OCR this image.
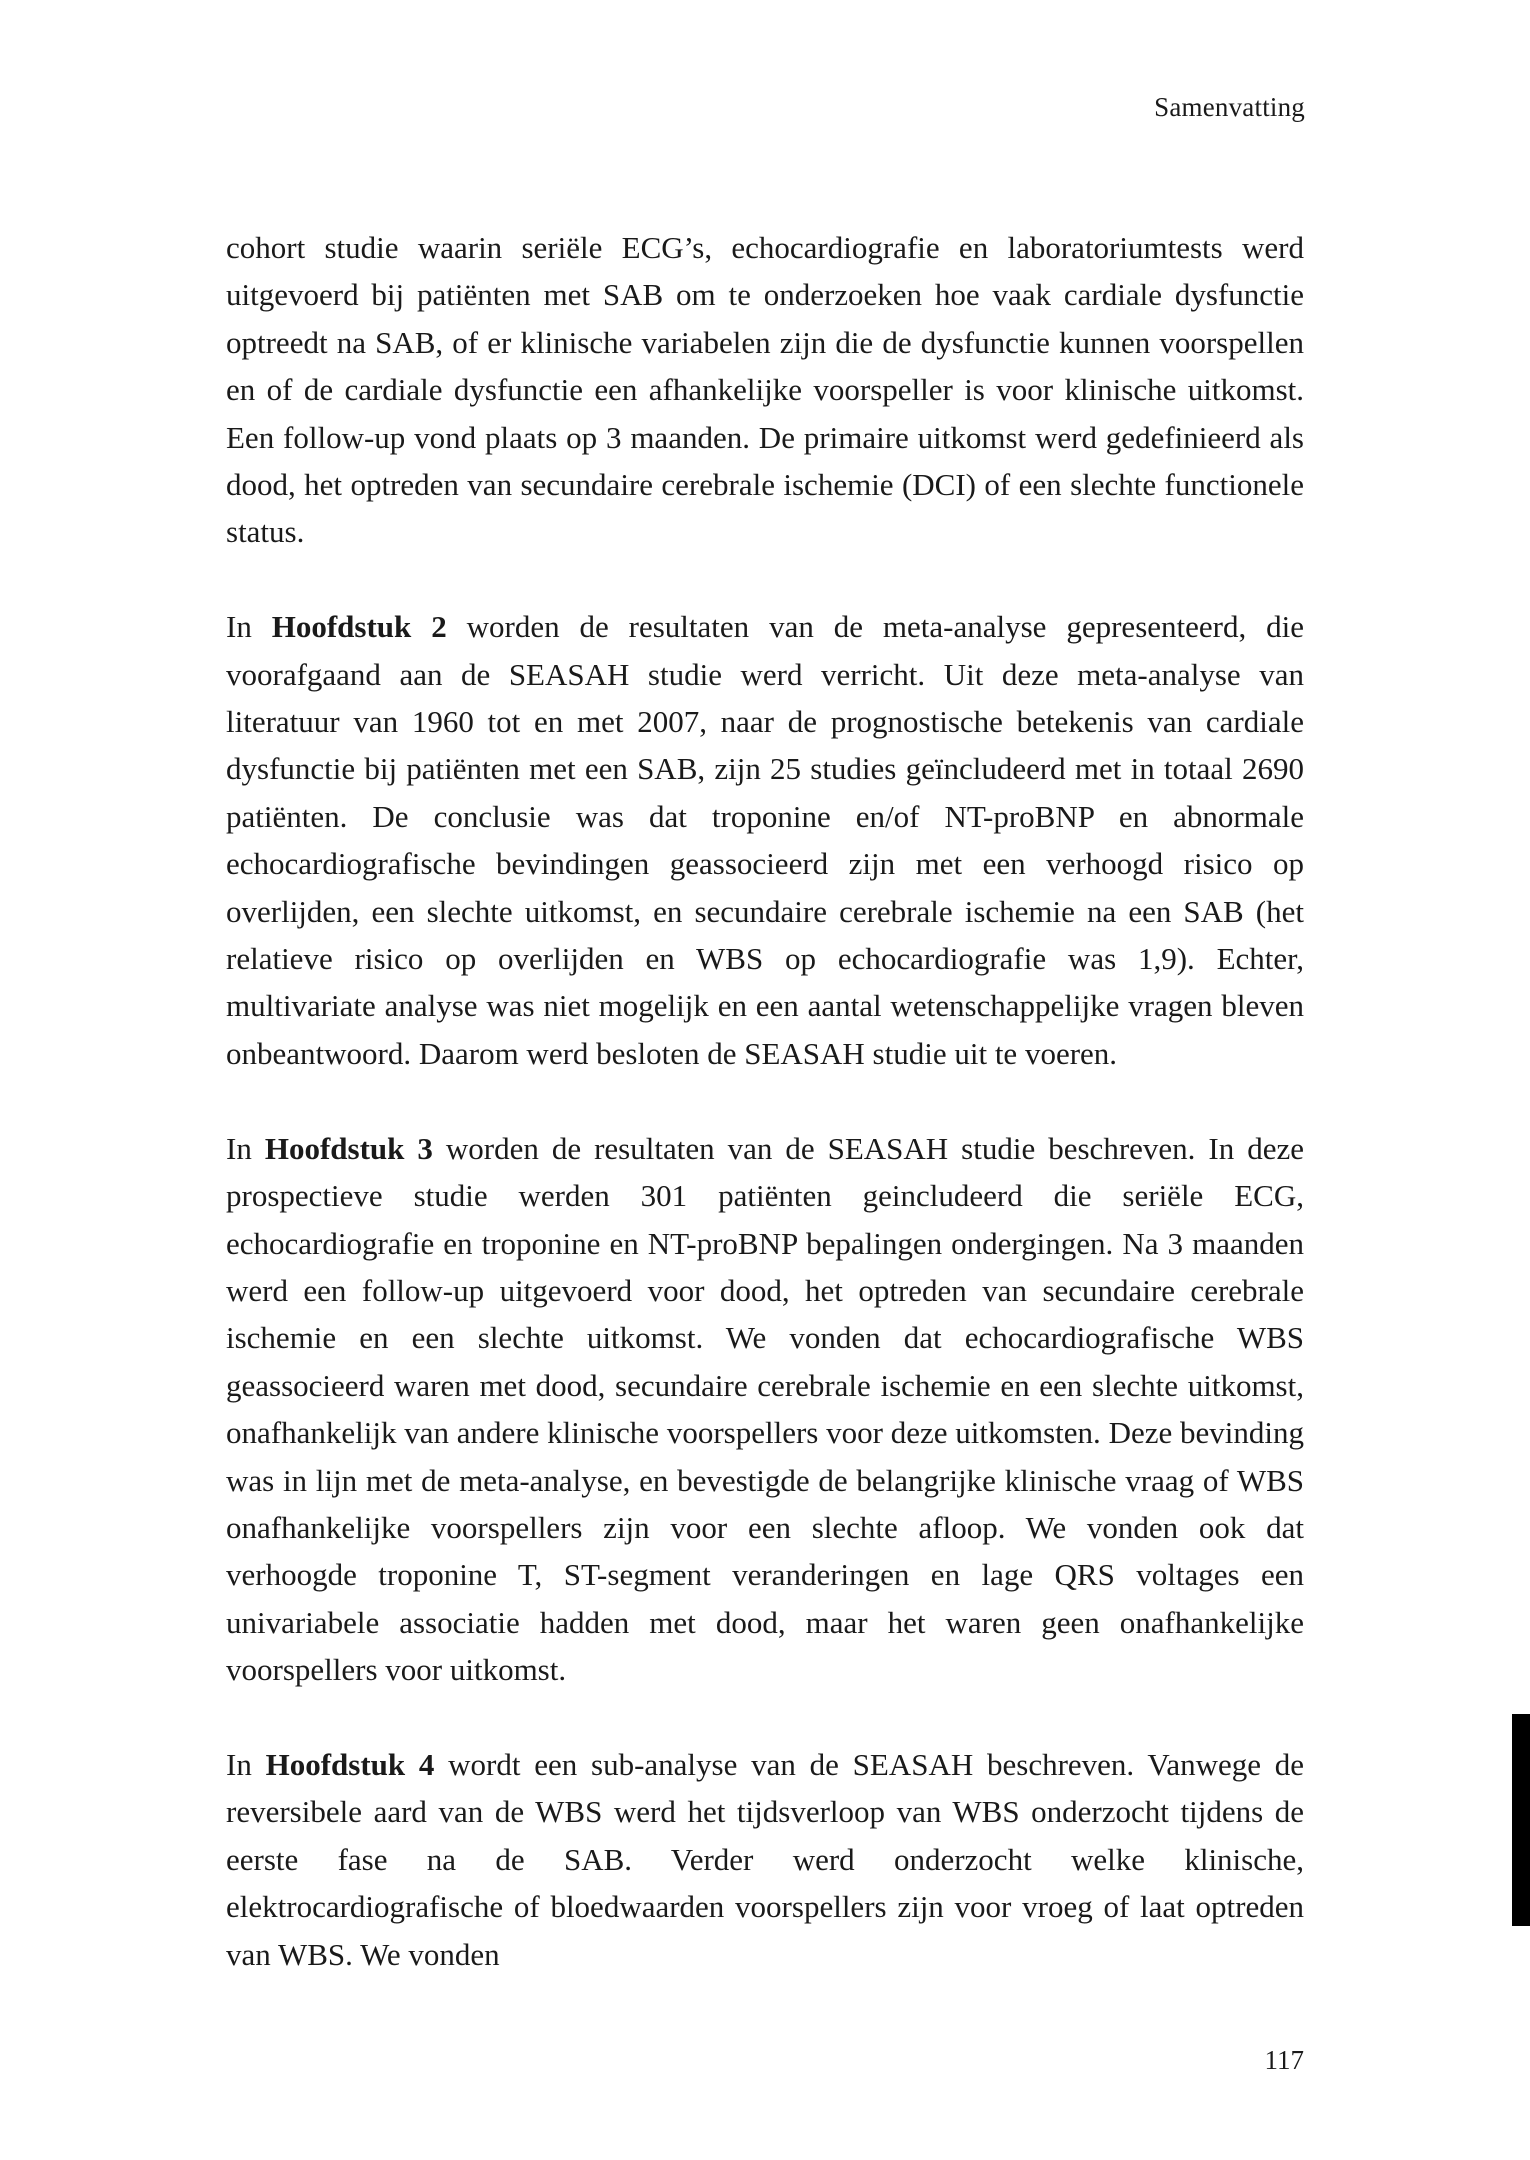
Samenvatting

cohort studie waarin seriële ECG’s, echocardiografie en laboratoriumtests werd uitgevoerd bij patiënten met SAB om te onderzoeken hoe vaak cardiale dysfunctie optreedt na SAB, of er klinische variabelen zijn die de dysfunctie kunnen voorspellen en of de cardiale dysfunctie een afhankelijke voorspeller is voor klinische uitkomst. Een follow-up vond plaats op 3 maanden. De primaire uitkomst werd gedefinieerd als dood, het optreden van secundaire cerebrale ischemie (DCI) of een slechte functionele status.

In Hoofdstuk 2 worden de resultaten van de meta-analyse gepresenteerd, die voorafgaand aan de SEASAH studie werd verricht. Uit deze meta-analyse van literatuur van 1960 tot en met 2007, naar de prognostische betekenis van cardiale dysfunctie bij patiënten met een SAB, zijn 25 studies geïncludeerd met in totaal 2690 patiënten. De conclusie was dat troponine en/of NT-proBNP en abnormale echocardiografische bevindingen geassocieerd zijn met een verhoogd risico op overlijden, een slechte uitkomst, en secundaire cerebrale ischemie na een SAB (het relatieve risico op overlijden en WBS op echocardiografie was 1,9). Echter, multivariate analyse was niet mogelijk en een aantal wetenschappelijke vragen bleven onbeantwoord. Daarom werd besloten de SEASAH studie uit te voeren.

In Hoofdstuk 3 worden de resultaten van de SEASAH studie beschreven. In deze prospectieve studie werden 301 patiënten geincludeerd die seriële ECG, echocardiografie en troponine en NT-proBNP bepalingen ondergingen. Na 3 maanden werd een follow-up uitgevoerd voor dood, het optreden van secundaire cerebrale ischemie en een slechte uitkomst. We vonden dat echocardiografische WBS geassocieerd waren met dood, secundaire cerebrale ischemie en een slechte uitkomst, onafhankelijk van andere klinische voorspellers voor deze uitkomsten. Deze bevinding was in lijn met de meta-analyse, en bevestigde de belangrijke klinische vraag of WBS onafhankelijke voorspellers zijn voor een slechte afloop. We vonden ook dat verhoogde troponine T, ST-segment veranderingen en lage QRS voltages een univariabele associatie hadden met dood, maar het waren geen onafhankelijke voorspellers voor uitkomst.

In Hoofdstuk 4 wordt een sub-analyse van de SEASAH beschreven. Vanwege de reversibele aard van de WBS werd het tijdsverloop van WBS onderzocht tijdens de eerste fase na de SAB. Verder werd onderzocht welke klinische, elektrocardiografische of bloedwaarden voorspellers zijn voor vroeg of laat optreden van WBS. We vonden

117
